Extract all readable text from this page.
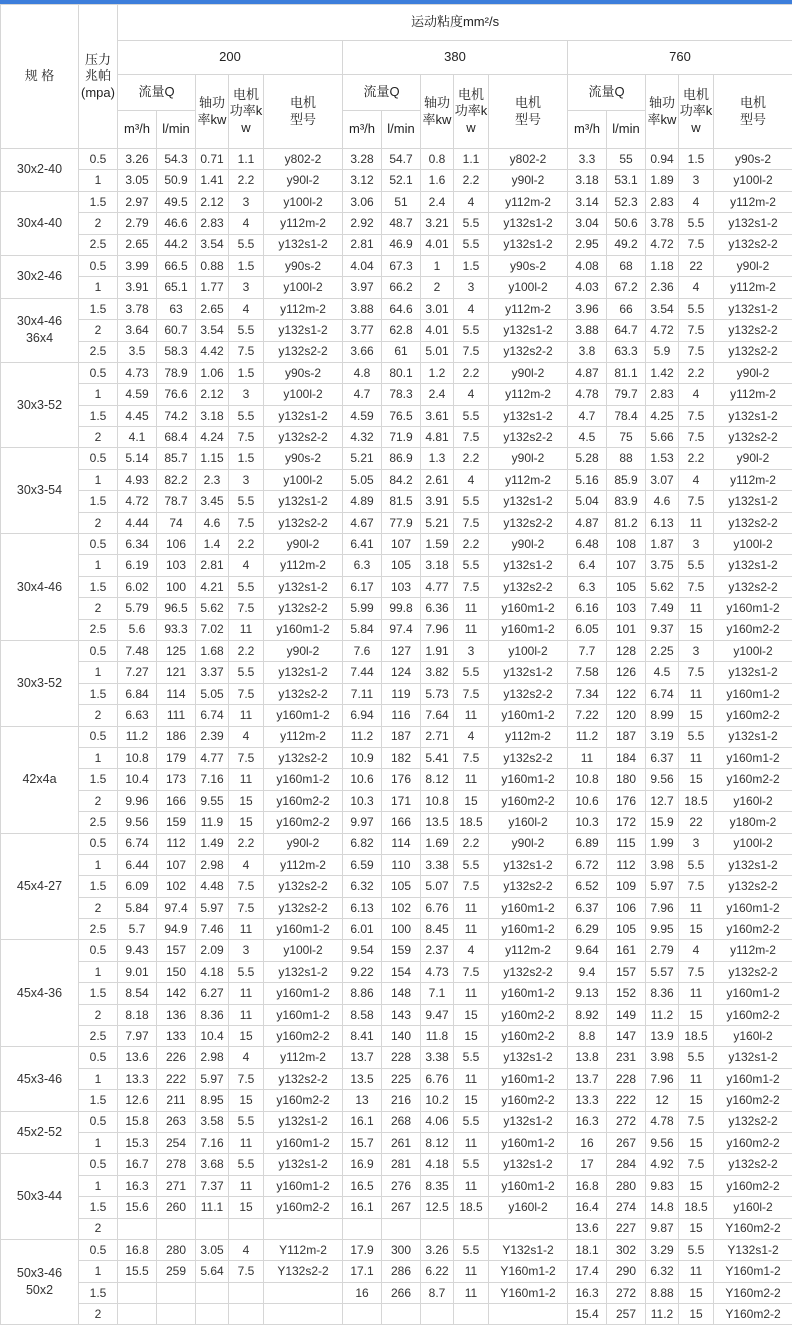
规 格	压力兆帕(mpa)	运动粘度mm²/s														
		200					380					760				
		流量Q		轴功率kw	电机功率kw	电机型号	流量Q		轴功率kw	电机功率kw	电机型号	流量Q		轴功率kw	电机功率kw	电机型号
		m³/h	l/min				m³/h	l/min				m³/h	l/min			

30x2-40	0.5	3.26	54.3	0.71	1.1	y802-2	3.28	54.7	0.8	1.1	y802-2	3.3	55	0.94	1.5	y90s-2
	1	3.05	50.9	1.41	2.2	y90l-2	3.12	52.1	1.6	2.2	y90l-2	3.18	53.1	1.89	3	y100l-2

30x4-40	1.5	2.97	49.5	2.12	3	y100l-2	3.06	51	2.4	4	y112m-2	3.14	52.3	2.83	4	y112m-2
	2	2.79	46.6	2.83	4	y112m-2	2.92	48.7	3.21	5.5	y132s1-2	3.04	50.6	3.78	5.5	y132s1-2
	2.5	2.65	44.2	3.54	5.5	y132s1-2	2.81	46.9	4.01	5.5	y132s1-2	2.95	49.2	4.72	7.5	y132s2-2

30x2-46	0.5	3.99	66.5	0.88	1.5	y90s-2	4.04	67.3	1	1.5	y90s-2	4.08	68	1.18	22	y90l-2
	1	3.91	65.1	1.77	3	y100l-2	3.97	66.2	2	3	y100l-2	4.03	67.2	2.36	4	y112m-2

30x4-46
36x4	1.5	3.78	63	2.65	4	y112m-2	3.88	64.6	3.01	4	y112m-2	3.96	66	3.54	5.5	y132s1-2
	2	3.64	60.7	3.54	5.5	y132s1-2	3.77	62.8	4.01	5.5	y132s1-2	3.88	64.7	4.72	7.5	y132s2-2
	2.5	3.5	58.3	4.42	7.5	y132s2-2	3.66	61	5.01	7.5	y132s2-2	3.8	63.3	5.9	7.5	y132s2-2

30x3-52	0.5	4.73	78.9	1.06	1.5	y90s-2	4.8	80.1	1.2	2.2	y90l-2	4.87	81.1	1.42	2.2	y90l-2
	1	4.59	76.6	2.12	3	y100l-2	4.7	78.3	2.4	4	y112m-2	4.78	79.7	2.83	4	y112m-2
	1.5	4.45	74.2	3.18	5.5	y132s1-2	4.59	76.5	3.61	5.5	y132s1-2	4.7	78.4	4.25	7.5	y132s1-2
	2	4.1	68.4	4.24	7.5	y132s2-2	4.32	71.9	4.81	7.5	y132s2-2	4.5	75	5.66	7.5	y132s2-2

30x3-54	0.5	5.14	85.7	1.15	1.5	y90s-2	5.21	86.9	1.3	2.2	y90l-2	5.28	88	1.53	2.2	y90l-2
	1	4.93	82.2	2.3	3	y100l-2	5.05	84.2	2.61	4	y112m-2	5.16	85.9	3.07	4	y112m-2
	1.5	4.72	78.7	3.45	5.5	y132s1-2	4.89	81.5	3.91	5.5	y132s1-2	5.04	83.9	4.6	7.5	y132s1-2
	2	4.44	74	4.6	7.5	y132s2-2	4.67	77.9	5.21	7.5	y132s2-2	4.87	81.2	6.13	11	y132s2-2

30x4-46	0.5	6.34	106	1.4	2.2	y90l-2	6.41	107	1.59	2.2	y90l-2	6.48	108	1.87	3	y100l-2
	1	6.19	103	2.81	4	y112m-2	6.3	105	3.18	5.5	y132s1-2	6.4	107	3.75	5.5	y132s1-2
	1.5	6.02	100	4.21	5.5	y132s1-2	6.17	103	4.77	7.5	y132s2-2	6.3	105	5.62	7.5	y132s2-2
	2	5.79	96.5	5.62	7.5	y132s2-2	5.99	99.8	6.36	11	y160m1-2	6.16	103	7.49	11	y160m1-2
	2.5	5.6	93.3	7.02	11	y160m1-2	5.84	97.4	7.96	11	y160m1-2	6.05	101	9.37	15	y160m2-2

30x3-52	0.5	7.48	125	1.68	2.2	y90l-2	7.6	127	1.91	3	y100l-2	7.7	128	2.25	3	y100l-2
	1	7.27	121	3.37	5.5	y132s1-2	7.44	124	3.82	5.5	y132s1-2	7.58	126	4.5	7.5	y132s1-2
	1.5	6.84	114	5.05	7.5	y132s2-2	7.11	119	5.73	7.5	y132s2-2	7.34	122	6.74	11	y160m1-2
	2	6.63	111	6.74	11	y160m1-2	6.94	116	7.64	11	y160m1-2	7.22	120	8.99	15	y160m2-2

42x4a	0.5	11.2	186	2.39	4	y112m-2	11.2	187	2.71	4	y112m-2	11.2	187	3.19	5.5	y132s1-2
	1	10.8	179	4.77	7.5	y132s2-2	10.9	182	5.41	7.5	y132s2-2	11	184	6.37	11	y160m1-2
	1.5	10.4	173	7.16	11	y160m1-2	10.6	176	8.12	11	y160m1-2	10.8	180	9.56	15	y160m2-2
	2	9.96	166	9.55	15	y160m2-2	10.3	171	10.8	15	y160m2-2	10.6	176	12.7	18.5	y160l-2
	2.5	9.56	159	11.9	15	y160m2-2	9.97	166	13.5	18.5	y160l-2	10.3	172	15.9	22	y180m-2

45x4-27	0.5	6.74	112	1.49	2.2	y90l-2	6.82	114	1.69	2.2	y90l-2	6.89	115	1.99	3	y100l-2
	1	6.44	107	2.98	4	y112m-2	6.59	110	3.38	5.5	y132s1-2	6.72	112	3.98	5.5	y132s1-2
	1.5	6.09	102	4.48	7.5	y132s2-2	6.32	105	5.07	7.5	y132s2-2	6.52	109	5.97	7.5	y132s2-2
	2	5.84	97.4	5.97	7.5	y132s2-2	6.13	102	6.76	11	y160m1-2	6.37	106	7.96	11	y160m1-2
	2.5	5.7	94.9	7.46	11	y160m1-2	6.01	100	8.45	11	y160m1-2	6.29	105	9.95	15	y160m2-2

45x4-36	0.5	9.43	157	2.09	3	y100l-2	9.54	159	2.37	4	y112m-2	9.64	161	2.79	4	y112m-2
	1	9.01	150	4.18	5.5	y132s1-2	9.22	154	4.73	7.5	y132s2-2	9.4	157	5.57	7.5	y132s2-2
	1.5	8.54	142	6.27	11	y160m1-2	8.86	148	7.1	11	y160m1-2	9.13	152	8.36	11	y160m1-2
	2	8.18	136	8.36	11	y160m1-2	8.58	143	9.47	15	y160m2-2	8.92	149	11.2	15	y160m2-2
	2.5	7.97	133	10.4	15	y160m2-2	8.41	140	11.8	15	y160m2-2	8.8	147	13.9	18.5	y160l-2

45x3-46	0.5	13.6	226	2.98	4	y112m-2	13.7	228	3.38	5.5	y132s1-2	13.8	231	3.98	5.5	y132s1-2
	1	13.3	222	5.97	7.5	y132s2-2	13.5	225	6.76	11	y160m1-2	13.7	228	7.96	11	y160m1-2
	1.5	12.6	211	8.95	15	y160m2-2	13	216	10.2	15	y160m2-2	13.3	222	12	15	y160m2-2

45x2-52	0.5	15.8	263	3.58	5.5	y132s1-2	16.1	268	4.06	5.5	y132s1-2	16.3	272	4.78	7.5	y132s2-2
	1	15.3	254	7.16	11	y160m1-2	15.7	261	8.12	11	y160m1-2	16	267	9.56	15	y160m2-2

50x3-44	0.5	16.7	278	3.68	5.5	y132s1-2	16.9	281	4.18	5.5	y132s1-2	17	284	4.92	7.5	y132s2-2
	1	16.3	271	7.37	11	y160m1-2	16.5	276	8.35	11	y160m1-2	16.8	280	9.83	15	y160m2-2
	1.5	15.6	260	11.1	15	y160m2-2	16.1	267	12.5	18.5	y160l-2	16.4	274	14.8	18.5	y160l-2
	2											13.6	227	9.87	15	Y160m2-2

50x3-46
50x2	0.5	16.8	280	3.05	4	Y112m-2	17.9	300	3.26	5.5	Y132s1-2	18.1	302	3.29	5.5	Y132s1-2
	1	15.5	259	5.64	7.5	Y132s2-2	17.1	286	6.22	11	Y160m1-2	17.4	290	6.32	11	Y160m1-2
	1.5						16	266	8.7	11	Y160m1-2	16.3	272	8.88	15	Y160m2-2
	2											15.4	257	11.2	15	Y160m2-2
